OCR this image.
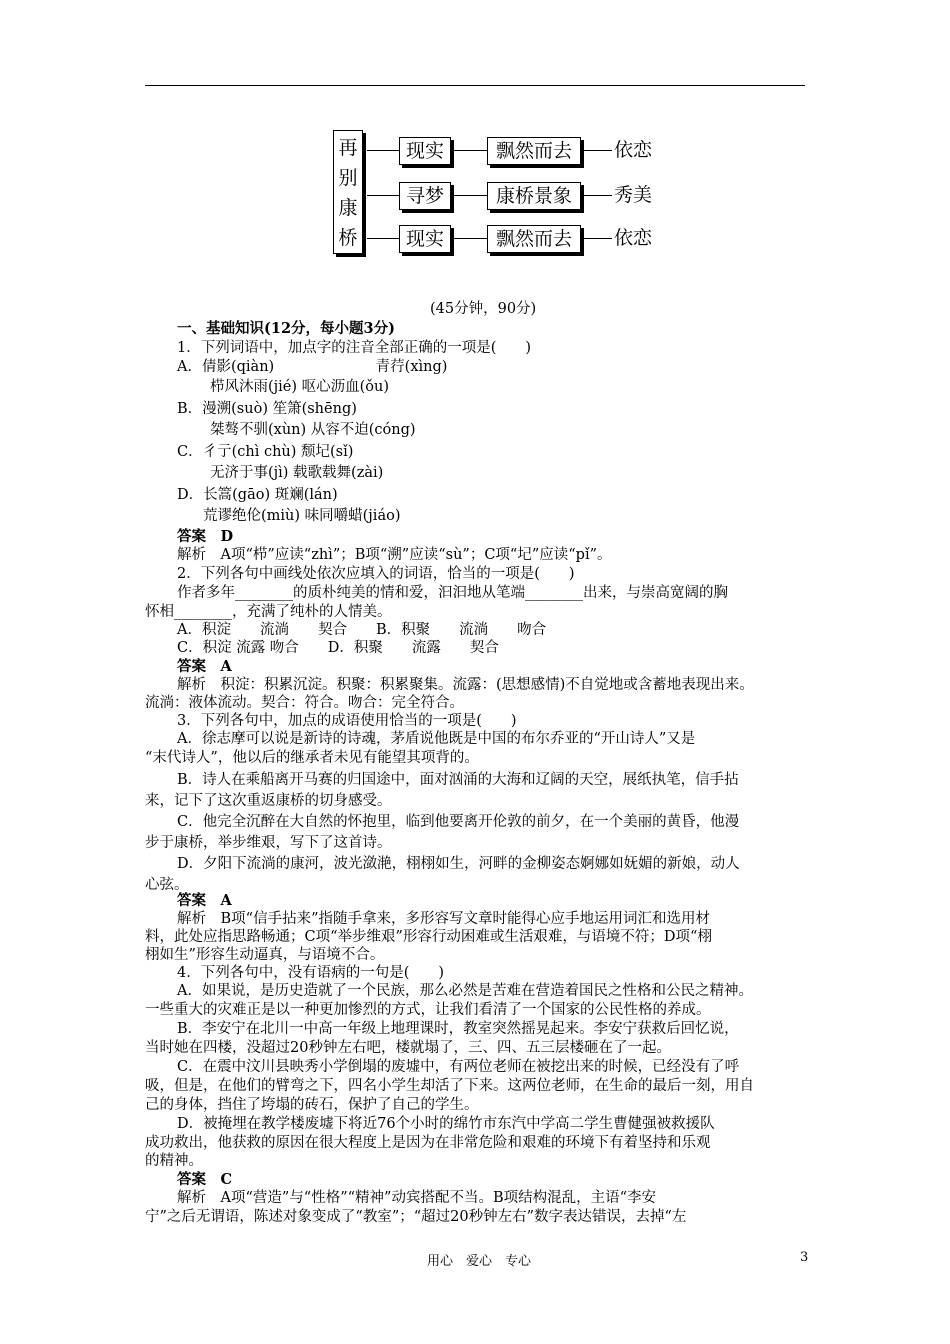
再
别
康
桥
现实	飘然而去	依恋
寻梦	康桥景象	秀美
现实	飘然而去	依恋
(45分钟，90分)
一、基础知识(12分，每小题3分)
1．下列词语中，加点字的注音全部正确的一项是(　　)
A．倩影(qiàn)　　　　　　　青荇(xìng)
栉风沐雨(jié) 呕心沥血(ǒu)
B．漫溯(suò) 笙箫(shēng)
桀骜不驯(xùn) 从容不迫(cóng)
C．彳亍(chì chù) 颓圮(sǐ)
无济于事(jì) 载歌载舞(zài)
D．长篙(gāo) 斑斓(lán)
荒谬绝伦(miù) 味同嚼蜡(jiáo)
答案　D
解析　A项“栉”应读“zhì”；B项“溯”应读“sù”；C项“圮”应读“pǐ”。
2．下列各句中画线处依次应填入的词语，恰当的一项是(　　)
作者多年________的质朴纯美的情和爱，汩汩地从笔端________出来，与崇高宽阔的胸
怀相________，充满了纯朴的人情美。
A．积淀　　流淌　　契合　　B．积聚　　流淌　　吻合
C．积淀 流露 吻合　　D．积聚　　流露　　契合
答案　A
解析　积淀：积累沉淀。积聚：积累聚集。流露：(思想感情)不自觉地或含蓄地表现出来。
流淌：液体流动。契合：符合。吻合：完全符合。
3．下列各句中，加点的成语使用恰当的一项是(　　)
A．徐志摩可以说是新诗的诗魂，茅盾说他既是中国的布尔乔亚的“开山诗人”又是
“末代诗人”，他以后的继承者未见有能望其项背的。
B．诗人在乘船离开马赛的归国途中，面对汹涌的大海和辽阔的天空，展纸执笔，信手拈
来，记下了这次重返康桥的切身感受。
C．他完全沉醉在大自然的怀抱里，临到他要离开伦敦的前夕，在一个美丽的黄昏，他漫
步于康桥，举步维艰，写下了这首诗。
D．夕阳下流淌的康河，波光潋滟，栩栩如生，河畔的金柳姿态婀娜如妩媚的新娘，动人
心弦。
答案　A
解析　B项“信手拈来”指随手拿来，多形容写文章时能得心应手地运用词汇和选用材
料，此处应指思路畅通；C项“举步维艰”形容行动困难或生活艰难，与语境不符；D项“栩
栩如生”形容生动逼真，与语境不合。
4．下列各句中，没有语病的一句是(　　)
A．如果说，是历史造就了一个民族，那么必然是苦难在营造着国民之性格和公民之精神。
一些重大的灾难正是以一种更加惨烈的方式，让我们看清了一个国家的公民性格的养成。
B．李安宁在北川一中高一年级上地理课时，教室突然摇晃起来。李安宁获救后回忆说，
当时她在四楼，没超过20秒钟左右吧，楼就塌了，三、四、五三层楼砸在了一起。
C．在震中汶川县映秀小学倒塌的废墟中，有两位老师在被挖出来的时候，已经没有了呼
吸，但是，在他们的臂弯之下，四名小学生却活了下来。这两位老师，在生命的最后一刻，用自
己的身体，挡住了垮塌的砖石，保护了自己的学生。
D．被掩埋在教学楼废墟下将近76个小时的绵竹市东汽中学高二学生曹健强被救援队
成功救出，他获救的原因在很大程度上是因为在非常危险和艰难的环境下有着坚持和乐观
的精神。
答案　C
解析　A项“营造”与“性格”“精神”动宾搭配不当。B项结构混乱，主语“李安
宁”之后无谓语，陈述对象变成了“教室”；“超过20秒钟左右”数字表达错误，去掉“左
用心　爱心　专心	3
